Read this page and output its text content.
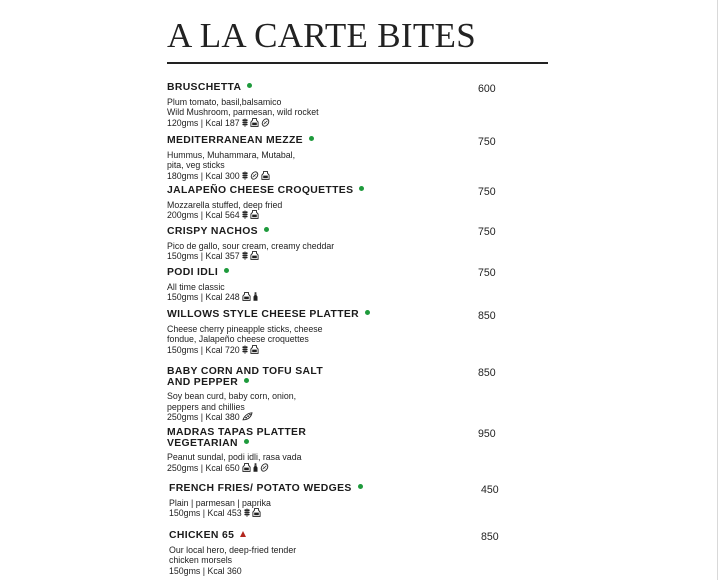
A LA CARTE BITES
BRUSCHETTA
Plum tomato, basil,balsamico
Wild Mushroom, parmesan, wild rocket
120gms | Kcal 187
600
MEDITERRANEAN MEZZE
Hummus, Muhammara, Mutabal,
pita, veg sticks
180gms | Kcal 300
750
JALAPEÑO CHEESE CROQUETTES
Mozzarella stuffed, deep fried
200gms | Kcal 564
750
CRISPY NACHOS
Pico de gallo, sour cream, creamy cheddar
150gms | Kcal 357
750
PODI IDLI
All time classic
150gms | Kcal 248
750
WILLOWS STYLE CHEESE PLATTER
Cheese cherry pineapple sticks, cheese
fondue, Jalapeño cheese croquettes
150gms | Kcal 720
850
BABY CORN AND TOFU SALT
AND PEPPER
Soy bean curd, baby corn, onion,
peppers and chillies
250gms | Kcal 380
850
MADRAS TAPAS PLATTER
VEGETARIAN
Peanut sundal, podi idli, rasa vada
250gms | Kcal 650
950
FRENCH FRIES/ POTATO WEDGES
Plain | parmesan | paprika
150gms | Kcal 453
450
CHICKEN 65
Our local hero, deep-fried tender
chicken morsels
150gms | Kcal 360
850
